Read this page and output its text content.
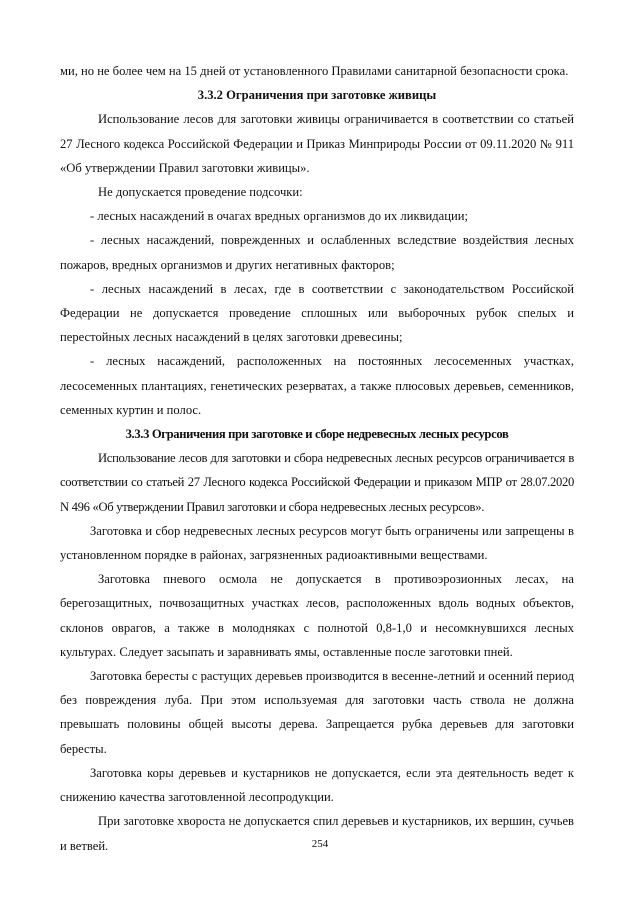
ми, но не более чем на 15 дней от установленного Правилами санитарной безопасности срока.

3.3.2 Ограничения при заготовке живицы

Использование лесов для заготовки живицы ограничивается в соответствии со статьей 27 Лесного кодекса Российской Федерации и Приказ Минприроды России от 09.11.2020 № 911 «Об утверждении Правил заготовки живицы».

Не допускается проведение подсочки:

- лесных насаждений в очагах вредных организмов до их ликвидации;

- лесных насаждений, поврежденных и ослабленных вследствие воздействия лесных пожаров, вредных организмов и других негативных факторов;

- лесных насаждений в лесах, где в соответствии с законодательством Российской Федерации не допускается проведение сплошных или выборочных рубок спелых и перестойных лесных насаждений в целях заготовки древесины;

- лесных насаждений, расположенных на постоянных лесосеменных участках, лесосеменных плантациях, генетических резерватах, а также плюсовых деревьев, семенников, семенных куртин и полос.

3.3.3 Ограничения при заготовке и сборе недревесных лесных ресурсов

Использование лесов для заготовки и сбора недревесных лесных ресурсов ограничивается в соответствии со статьей 27 Лесного кодекса Российской Федерации и приказом МПР от 28.07.2020 N 496 «Об утверждении Правил заготовки и сбора недревесных лесных ресурсов».

Заготовка и сбор недревесных лесных ресурсов могут быть ограничены или запрещены в установленном порядке в районах, загрязненных радиоактивными веществами.

Заготовка пневого осмола не допускается в противоэрозионных лесах, на берегозащитных, почвозащитных участках лесов, расположенных вдоль водных объектов, склонов оврагов, а также в молодняках с полнотой 0,8-1,0 и несомкнувшихся лесных культурах. Следует засыпать и заравнивать ямы, оставленные после заготовки пней.

Заготовка бересты с растущих деревьев производится в весенне-летний и осенний период без повреждения луба. При этом используемая для заготовки часть ствола не должна превышать половины общей высоты дерева. Запрещается рубка деревьев для заготовки бересты.

Заготовка коры деревьев и кустарников не допускается, если эта деятельность ведет к снижению качества заготовленной лесопродукции.

При заготовке хвороста не допускается спил деревьев и кустарников, их вершин, сучьев и ветвей.	254
